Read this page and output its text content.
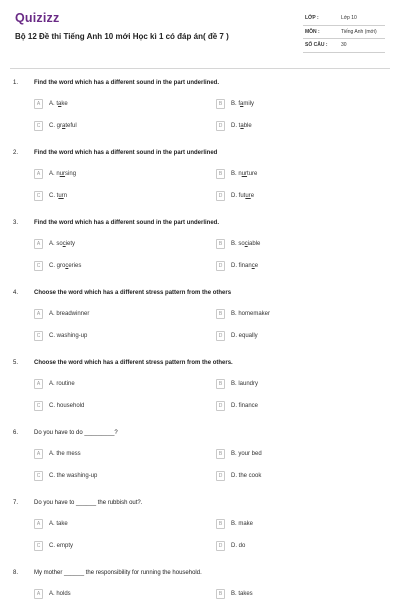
Quizizz
Bộ 12 Đề thi Tiếng Anh 10 mới Học kì 1 có đáp án( đề 7 )
LỚP :	Lớp 10
MÔN :	Tiếng Anh (mới)
SỐ CÂU :	30
1.	Find the word which has a different sound in the part underlined.
A	A. take	B	B. family
C	C. grateful	D	D. table
2.	Find the word which has a different sound in the part underlined
A	A. nursing	B	B. nurture
C	C. turn	D	D. future
3.	Find the word which has a different sound in the part underlined.
A	A. society	B	B. sociable
C	C. groceries	D	D. finance
4.	Choose the word which has a different stress pattern from the others
A	A. breadwinner	B	B. homemaker
C	C. washing-up	D	D. equally
5.	Choose the word which has a different stress pattern from the others.
A	A. routine	B	B. laundry
C	C. household	D	D. finance
6.	Do you have to do _________?
A	A. the mess	B	B. your bed
C	C. the washing-up	D	D. the cook
7.	Do you have to ______ the rubbish out?.
A	A. take	B	B. make
C	C. empty	D	D. do
8.	My mother ______ the responsibility for running the household.
A	A. holds	B	B. takes
